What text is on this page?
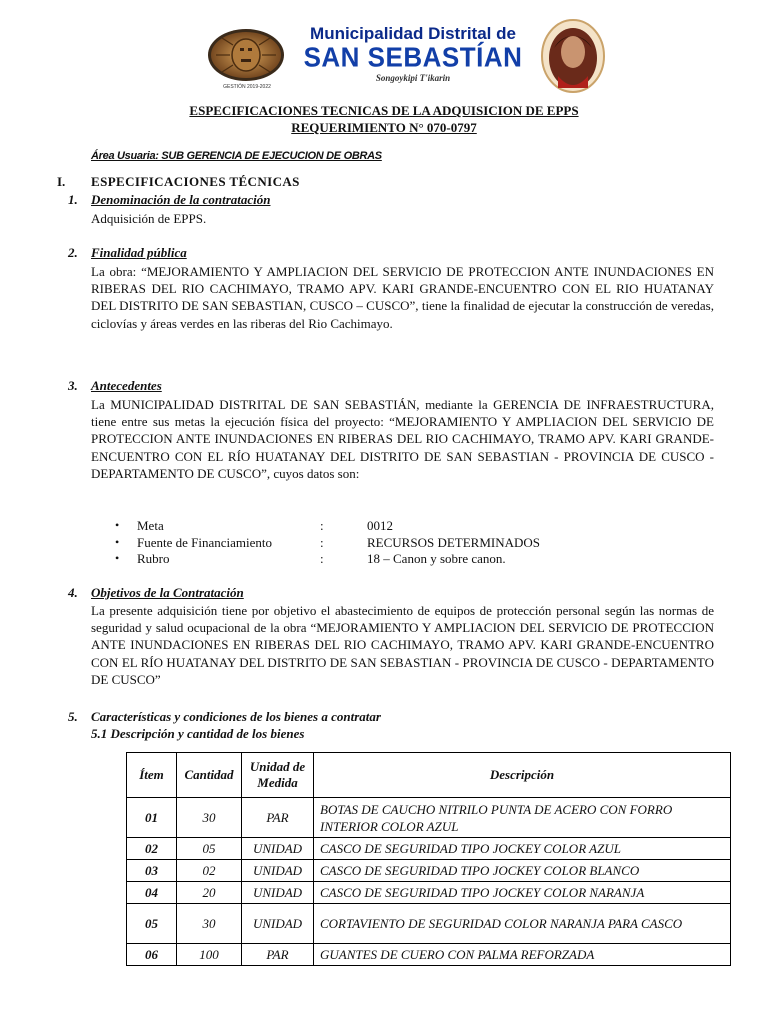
GESTIÓN 2019-2022
Municipalidad Distrital de
SAN SEBASTÍAN
Songoykipi T'ikarin
ESPECIFICACIONES TECNICAS DE LA ADQUISICION DE EPPS
REQUERIMIENTO N° 070-0797
Área Usuaria: SUB GERENCIA DE EJECUCION DE OBRAS
I. ESPECIFICACIONES TÉCNICAS
1. Denominación de la contratación
Adquisición de EPPS.
2. Finalidad pública
La obra: “MEJORAMIENTO Y AMPLIACION DEL SERVICIO DE PROTECCION ANTE INUNDACIONES EN RIBERAS DEL RIO CACHIMAYO, TRAMO APV. KARI GRANDE-ENCUENTRO CON EL RIO HUATANAY DEL DISTRITO DE SAN SEBASTIAN, CUSCO – CUSCO”, tiene la finalidad de ejecutar la construcción de veredas, ciclovías y áreas verdes en las riberas del Rio Cachimayo.
3. Antecedentes
La MUNICIPALIDAD DISTRITAL DE SAN SEBASTIÁN, mediante la GERENCIA DE INFRAESTRUCTURA, tiene entre sus metas la ejecución física del proyecto: “MEJORAMIENTO Y AMPLIACION DEL SERVICIO DE PROTECCION ANTE INUNDACIONES EN RIBERAS DEL RIO CACHIMAYO, TRAMO APV. KARI GRANDE-ENCUENTRO CON EL RÍO HUATANAY DEL DISTRITO DE SAN SEBASTIAN - PROVINCIA DE CUSCO - DEPARTAMENTO DE CUSCO”, cuyos datos son:
• Meta	:	0012
• Fuente de Financiamiento	:	RECURSOS DETERMINADOS
• Rubro	:	18 – Canon y sobre canon.
4. Objetivos de la Contratación
La presente adquisición tiene por objetivo el abastecimiento de equipos de protección personal según las normas de seguridad y salud ocupacional de la obra “MEJORAMIENTO Y AMPLIACION DEL SERVICIO DE PROTECCION ANTE INUNDACIONES EN RIBERAS DEL RIO CACHIMAYO, TRAMO APV. KARI GRANDE-ENCUENTRO CON EL RÍO HUATANAY DEL DISTRITO DE SAN SEBASTIAN - PROVINCIA DE CUSCO - DEPARTAMENTO DE CUSCO”
5. Características y condiciones de los bienes a contratar
5.1 Descripción y cantidad de los bienes
Ítem	Cantidad	Unidad de Medida	Descripción
01	30	PAR	BOTAS DE CAUCHO NITRILO PUNTA DE ACERO CON FORRO INTERIOR COLOR AZUL
02	05	UNIDAD	CASCO DE SEGURIDAD TIPO JOCKEY COLOR AZUL
03	02	UNIDAD	CASCO DE SEGURIDAD TIPO JOCKEY COLOR BLANCO
04	20	UNIDAD	CASCO DE SEGURIDAD TIPO JOCKEY COLOR NARANJA
05	30	UNIDAD	CORTAVIENTO DE SEGURIDAD COLOR NARANJA PARA CASCO
06	100	PAR	GUANTES DE CUERO CON PALMA REFORZADA
